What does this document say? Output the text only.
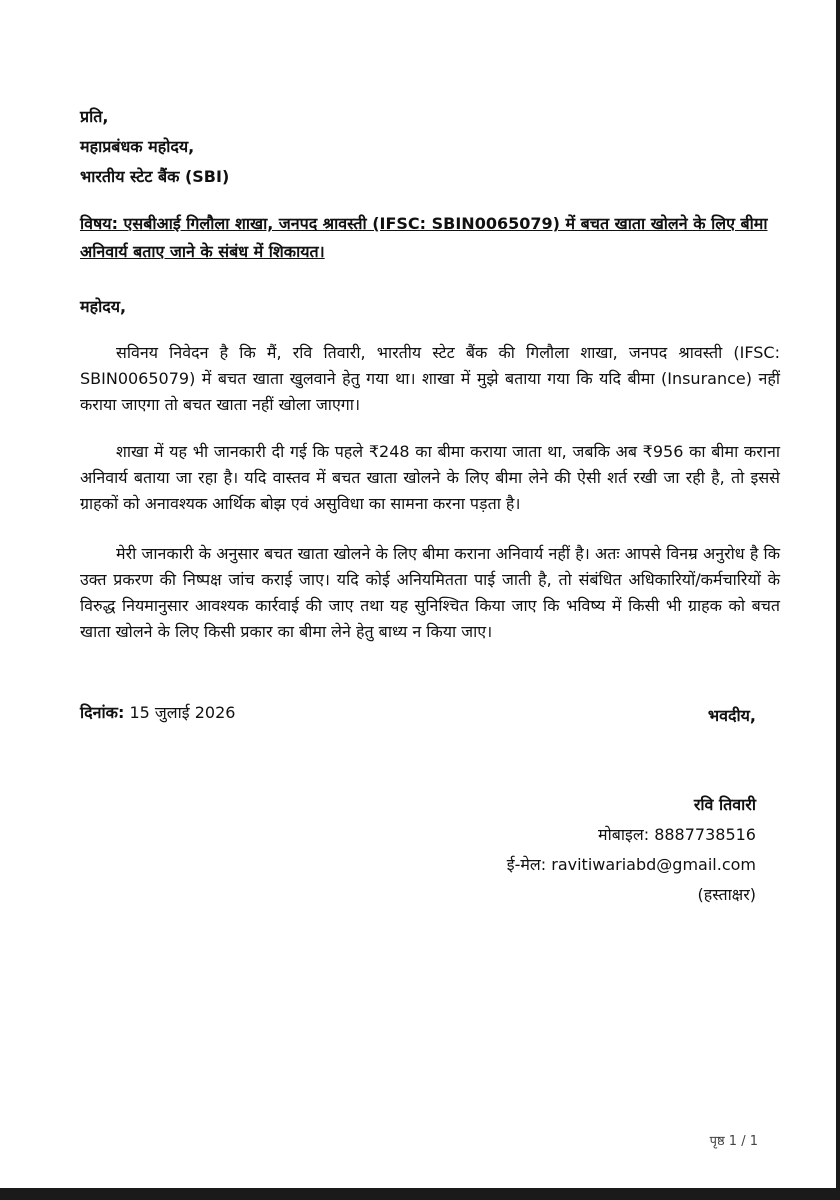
प्रति,
महाप्रबंधक महोदय,
भारतीय स्टेट बैंक (SBI)
विषय: एसबीआई गिलौला शाखा, जनपद श्रावस्ती (IFSC: SBIN0065079) में बचत खाता खोलने के लिए बीमा अनिवार्य बताए जाने के संबंध में शिकायत।
महोदय,
सविनय निवेदन है कि मैं, रवि तिवारी, भारतीय स्टेट बैंक की गिलौला शाखा, जनपद श्रावस्ती (IFSC: SBIN0065079) में बचत खाता खुलवाने हेतु गया था। शाखा में मुझे बताया गया कि यदि बीमा (Insurance) नहीं कराया जाएगा तो बचत खाता नहीं खोला जाएगा।
शाखा में यह भी जानकारी दी गई कि पहले ₹248 का बीमा कराया जाता था, जबकि अब ₹956 का बीमा कराना अनिवार्य बताया जा रहा है। यदि वास्तव में बचत खाता खोलने के लिए बीमा लेने की ऐसी शर्त रखी जा रही है, तो इससे ग्राहकों को अनावश्यक आर्थिक बोझ एवं असुविधा का सामना करना पड़ता है।
मेरी जानकारी के अनुसार बचत खाता खोलने के लिए बीमा कराना अनिवार्य नहीं है। अतः आपसे विनम्र अनुरोध है कि उक्त प्रकरण की निष्पक्ष जांच कराई जाए। यदि कोई अनियमितता पाई जाती है, तो संबंधित अधिकारियों/कर्मचारियों के विरुद्ध नियमानुसार आवश्यक कार्रवाई की जाए तथा यह सुनिश्चित किया जाए कि भविष्य में किसी भी ग्राहक को बचत खाता खोलने के लिए किसी प्रकार का बीमा लेने हेतु बाध्य न किया जाए।
दिनांक: 15 जुलाई 2026	भवदीय,
रवि तिवारी
मोबाइल: 8887738516
ई-मेल: ravitiwariabd@gmail.com
(हस्ताक्षर)
पृष्ठ 1 / 1
